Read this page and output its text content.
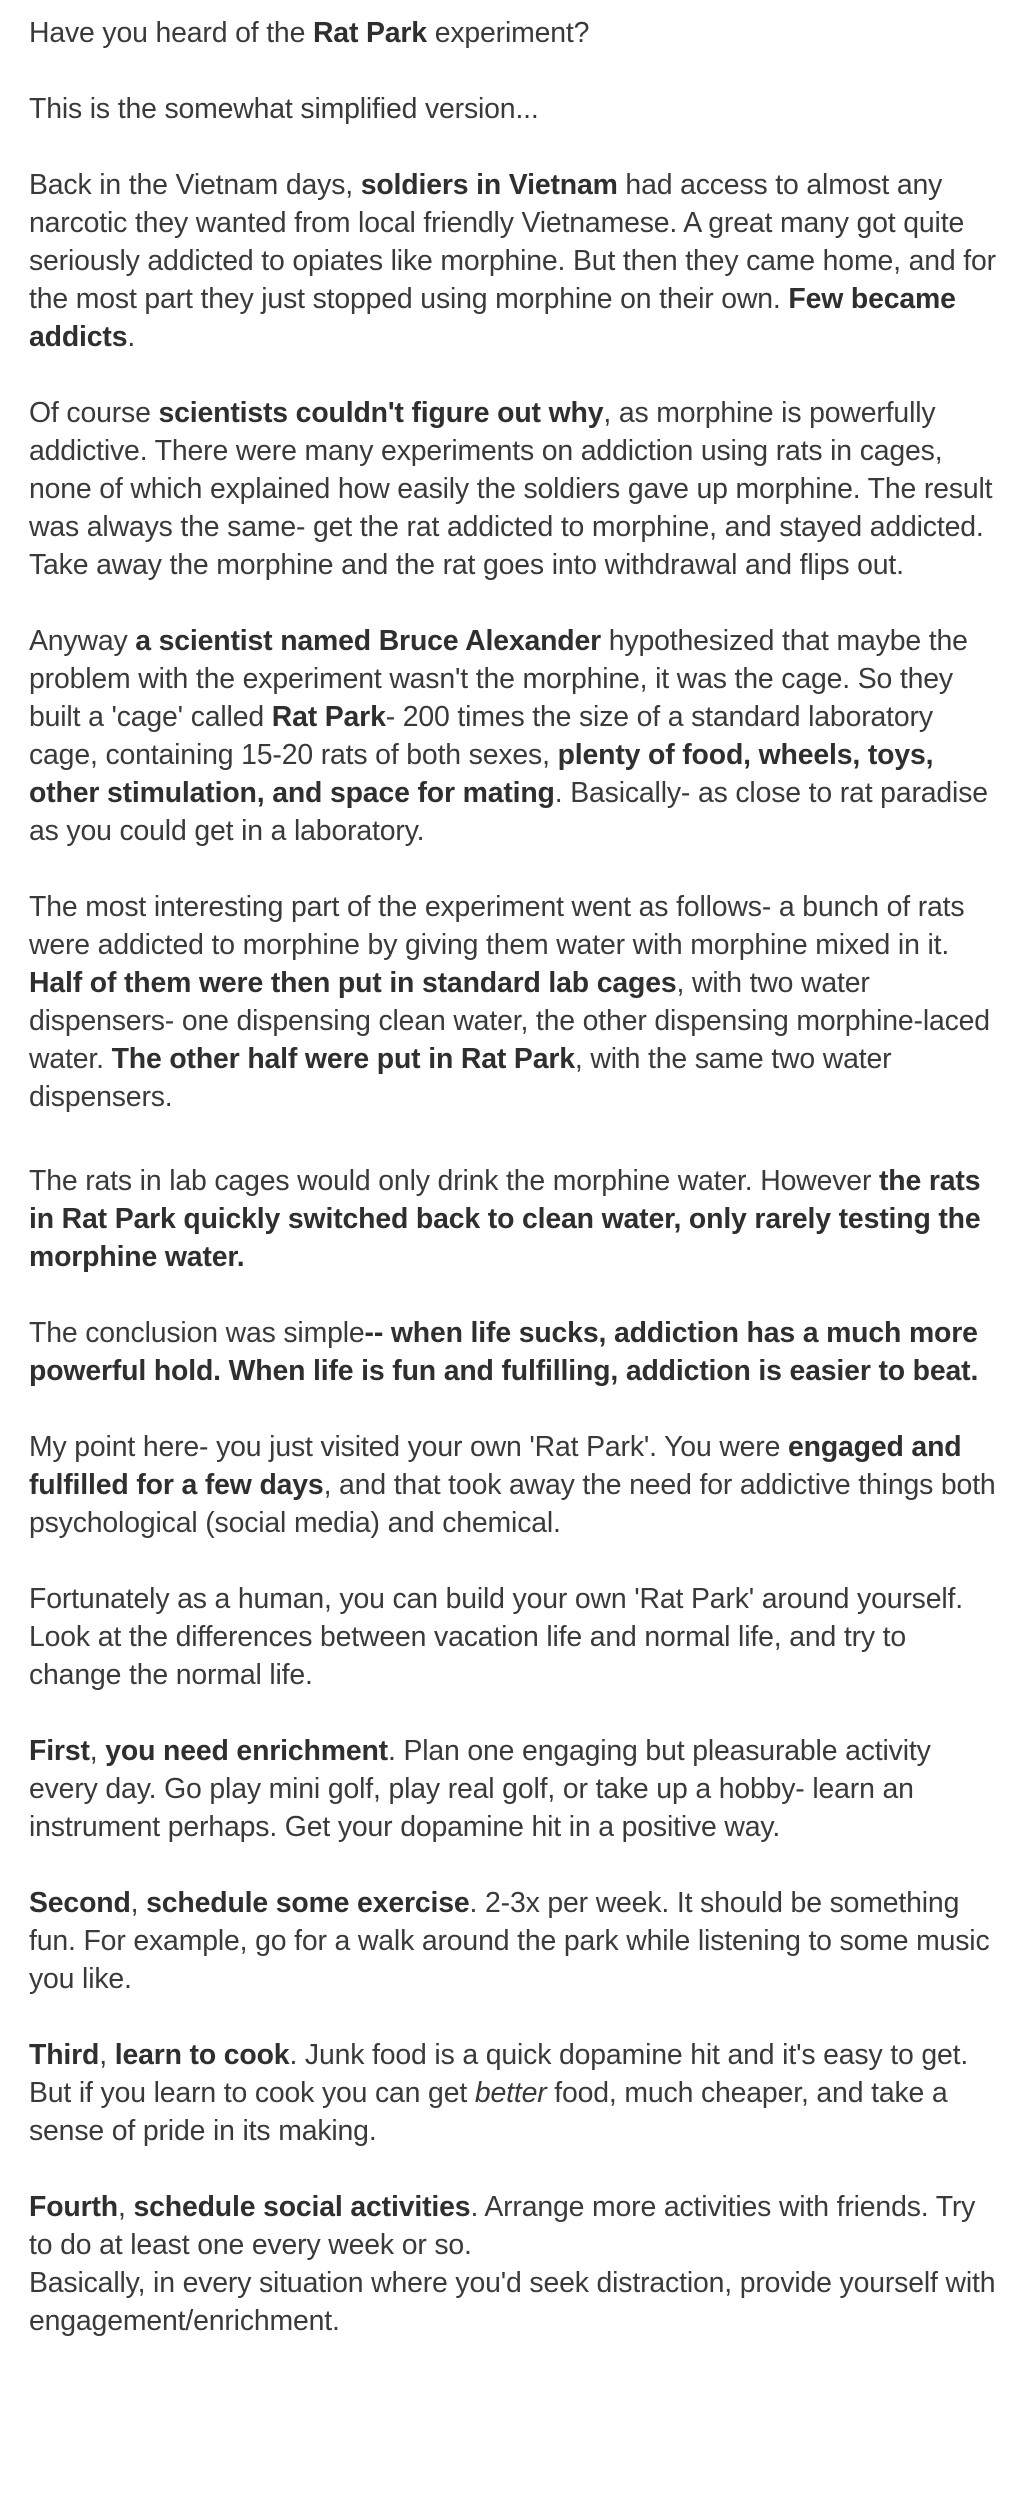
Have you heard of the Rat Park experiment?

This is the somewhat simplified version...

Back in the Vietnam days, soldiers in Vietnam had access to almost any narcotic they wanted from local friendly Vietnamese. A great many got quite seriously addicted to opiates like morphine. But then they came home, and for the most part they just stopped using morphine on their own. Few became addicts.

Of course scientists couldn't figure out why, as morphine is powerfully addictive. There were many experiments on addiction using rats in cages, none of which explained how easily the soldiers gave up morphine. The result was always the same- get the rat addicted to morphine, and stayed addicted. Take away the morphine and the rat goes into withdrawal and flips out.

Anyway a scientist named Bruce Alexander hypothesized that maybe the problem with the experiment wasn't the morphine, it was the cage. So they built a 'cage' called Rat Park- 200 times the size of a standard laboratory cage, containing 15-20 rats of both sexes, plenty of food, wheels, toys, other stimulation, and space for mating. Basically- as close to rat paradise as you could get in a laboratory.

The most interesting part of the experiment went as follows- a bunch of rats were addicted to morphine by giving them water with morphine mixed in it. Half of them were then put in standard lab cages, with two water dispensers- one dispensing clean water, the other dispensing morphine-laced water. The other half were put in Rat Park, with the same two water dispensers.

The rats in lab cages would only drink the morphine water. However the rats in Rat Park quickly switched back to clean water, only rarely testing the morphine water.

The conclusion was simple-- when life sucks, addiction has a much more powerful hold. When life is fun and fulfilling, addiction is easier to beat.

My point here- you just visited your own 'Rat Park'. You were engaged and fulfilled for a few days, and that took away the need for addictive things both psychological (social media) and chemical.

Fortunately as a human, you can build your own 'Rat Park' around yourself. Look at the differences between vacation life and normal life, and try to change the normal life.

First, you need enrichment. Plan one engaging but pleasurable activity every day. Go play mini golf, play real golf, or take up a hobby- learn an instrument perhaps. Get your dopamine hit in a positive way.

Second, schedule some exercise. 2-3x per week. It should be something fun. For example, go for a walk around the park while listening to some music you like.

Third, learn to cook. Junk food is a quick dopamine hit and it's easy to get. But if you learn to cook you can get better food, much cheaper, and take a sense of pride in its making.

Fourth, schedule social activities. Arrange more activities with friends. Try to do at least one every week or so.

Basically, in every situation where you'd seek distraction, provide yourself with engagement/enrichment.
